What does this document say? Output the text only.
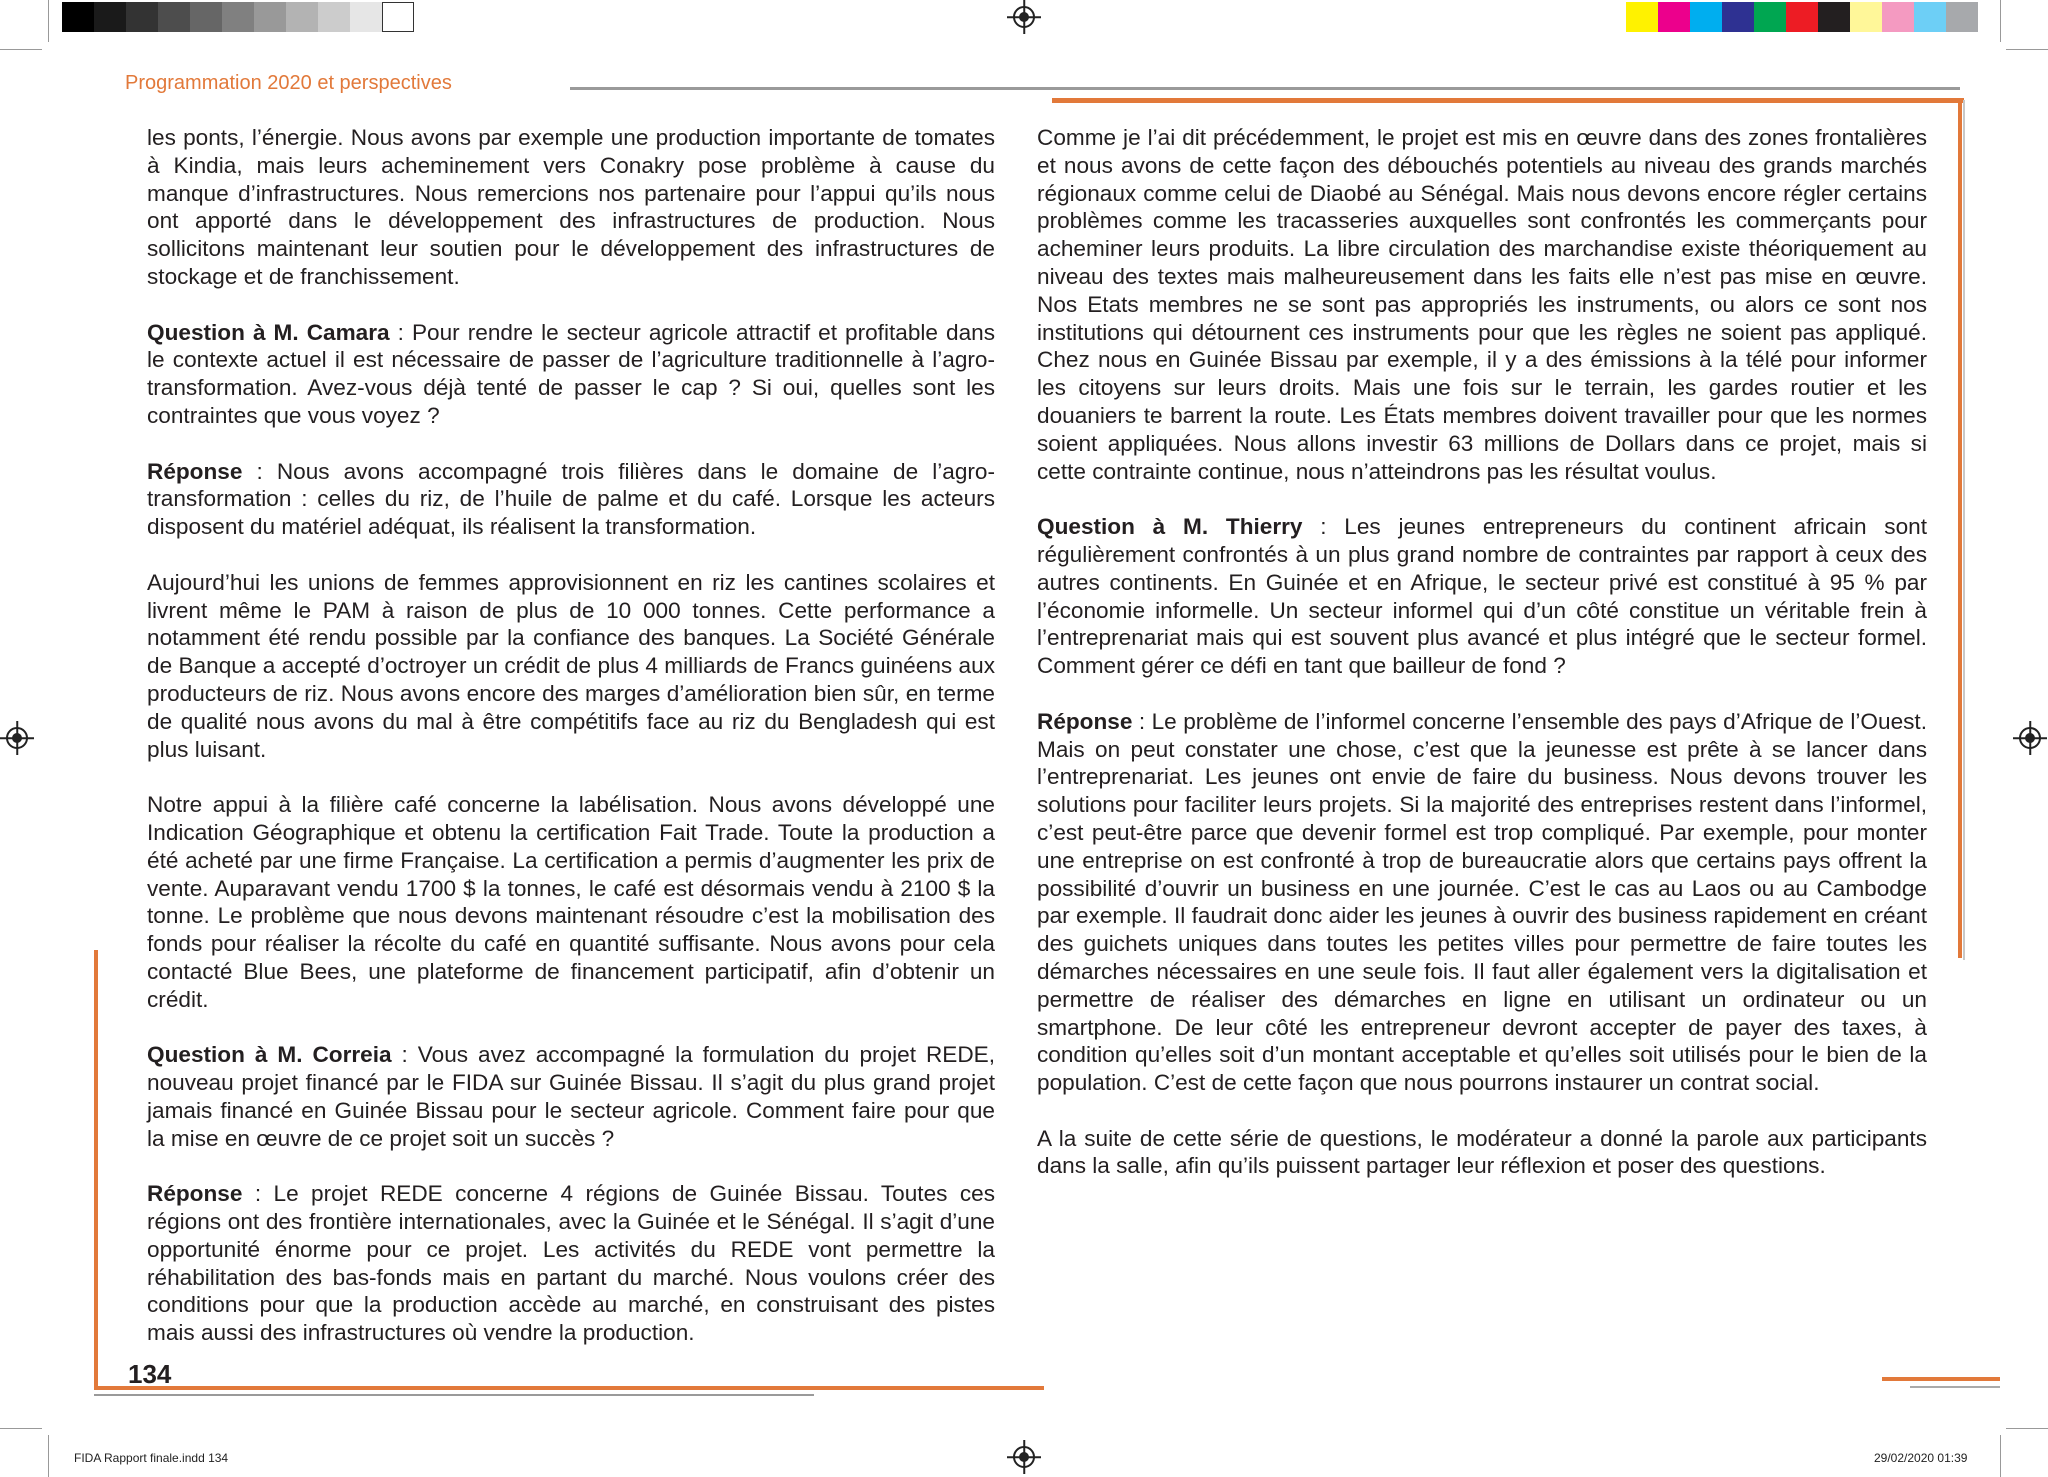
Programmation 2020 et perspectives

les ponts, l’énergie. Nous avons par exemple une production importante de tomates à Kindia, mais leurs acheminement vers Conakry pose problème à cause du manque d’infrastructures. Nous remercions nos partenaire pour l’appui qu’ils nous ont apporté dans le développement des infrastructures de production. Nous sollicitons maintenant leur soutien pour le développement des infrastructures de stockage et de franchissement.

Question à M. Camara : Pour rendre le secteur agricole attractif et profitable dans le contexte actuel il est nécessaire de passer de l’agriculture traditionnelle à l’agro-transformation. Avez-vous déjà tenté de passer le cap ? Si oui, quelles sont les contraintes que vous voyez ?

Réponse : Nous avons accompagné trois filières dans le domaine de l’agro-transformation : celles du riz, de l’huile de palme et du café. Lorsque les acteurs disposent du matériel adéquat, ils réalisent la transformation.

Aujourd’hui les unions de femmes approvisionnent en riz les cantines scolaires et livrent même le PAM à raison de plus de 10 000 tonnes. Cette performance a notamment été rendu possible par la confiance des banques. La Société Générale de Banque a accepté d’octroyer un crédit de plus 4 milliards de Francs guinéens aux producteurs de riz. Nous avons encore des marges d’amélioration bien sûr, en terme de qualité nous avons du mal à être compétitifs face au riz du Bengladesh qui est plus luisant.

Notre appui à la filière café concerne la labélisation. Nous avons développé une Indication Géographique et obtenu la certification Fait Trade. Toute la production a été acheté par une firme Française. La certification a permis d’augmenter les prix de vente. Auparavant vendu 1700 $ la tonnes, le café est désormais vendu à 2100 $ la tonne. Le problème que nous devons maintenant résoudre c’est la mobilisation des fonds pour réaliser la récolte du café en quantité suffisante. Nous avons pour cela contacté Blue Bees, une plateforme de financement participatif, afin d’obtenir un crédit.

Question à M. Correia : Vous avez accompagné la formulation du projet REDE, nouveau projet financé par le FIDA sur Guinée Bissau. Il s’agit du plus grand projet jamais financé en Guinée Bissau pour le secteur agricole. Comment faire pour que la mise en œuvre de ce projet soit un succès ?

Réponse : Le projet REDE concerne 4 régions de Guinée Bissau. Toutes ces régions ont des frontière internationales, avec la Guinée et le Sénégal. Il s’agit d’une opportunité énorme pour ce projet. Les activités du REDE vont permettre la réhabilitation des bas-fonds mais en partant du marché. Nous voulons créer des conditions pour que la production accède au marché, en construisant des pistes mais aussi des infrastructures où vendre la production.

Comme je l’ai dit précédemment, le projet est mis en œuvre dans des zones frontalières et nous avons de cette façon des débouchés potentiels au niveau des grands marchés régionaux comme celui de Diaobé au Sénégal. Mais nous devons encore régler certains problèmes comme les tracasseries auxquelles sont confrontés les commerçants pour acheminer leurs produits. La libre circulation des marchandise existe théoriquement au niveau des textes mais malheureusement dans les faits elle n’est pas mise en œuvre. Nos Etats membres ne se sont pas appropriés les instruments, ou alors ce sont nos institutions qui détournent ces instruments pour que les règles ne soient pas appliqué. Chez nous en Guinée Bissau par exemple, il y a des émissions à la télé pour informer les citoyens sur leurs droits. Mais une fois sur le terrain, les gardes routier et les douaniers te barrent la route. Les États membres doivent travailler pour que les normes soient appliquées. Nous allons investir 63 millions de Dollars dans ce projet, mais si cette contrainte continue, nous n’atteindrons pas les résultat voulus.

Question à M. Thierry : Les jeunes entrepreneurs du continent africain sont régulièrement confrontés à un plus grand nombre de contraintes par rapport à ceux des autres continents. En Guinée et en Afrique, le secteur privé est constitué à 95 % par l’économie informelle. Un secteur informel qui d’un côté constitue un véritable frein à l’entreprenariat mais qui est souvent plus avancé et plus intégré que le secteur formel. Comment gérer ce défi en tant que bailleur de fond ?

Réponse : Le problème de l’informel concerne l’ensemble des pays d’Afrique de l’Ouest. Mais on peut constater une chose, c’est que la jeunesse est prête à se lancer dans l’entreprenariat. Les jeunes ont envie de faire du business. Nous devons trouver les solutions pour faciliter leurs projets. Si la majorité des entreprises restent dans l’informel, c’est peut-être parce que devenir formel est trop compliqué. Par exemple, pour monter une entreprise on est confronté à trop de bureaucratie alors que certains pays offrent la possibilité d’ouvrir un business en une journée. C’est le cas au Laos ou au Cambodge par exemple. Il faudrait donc aider les jeunes à ouvrir des business rapidement en créant des guichets uniques dans toutes les petites villes pour permettre de faire toutes les démarches nécessaires en une seule fois. Il faut aller également vers la digitalisation et permettre de réaliser des démarches en ligne en utilisant un ordinateur ou un smartphone. De leur côté les entrepreneur devront accepter de payer des taxes, à condition qu’elles soit d’un montant acceptable et qu’elles soit utilisés pour le bien de la population. C’est de cette façon que nous pourrons instaurer un contrat social.

A la suite de cette série de questions, le modérateur a donné la parole aux participants dans la salle, afin qu’ils puissent partager leur réflexion et poser des questions.

134
FIDA Rapport finale.indd 134	29/02/2020 01:39
